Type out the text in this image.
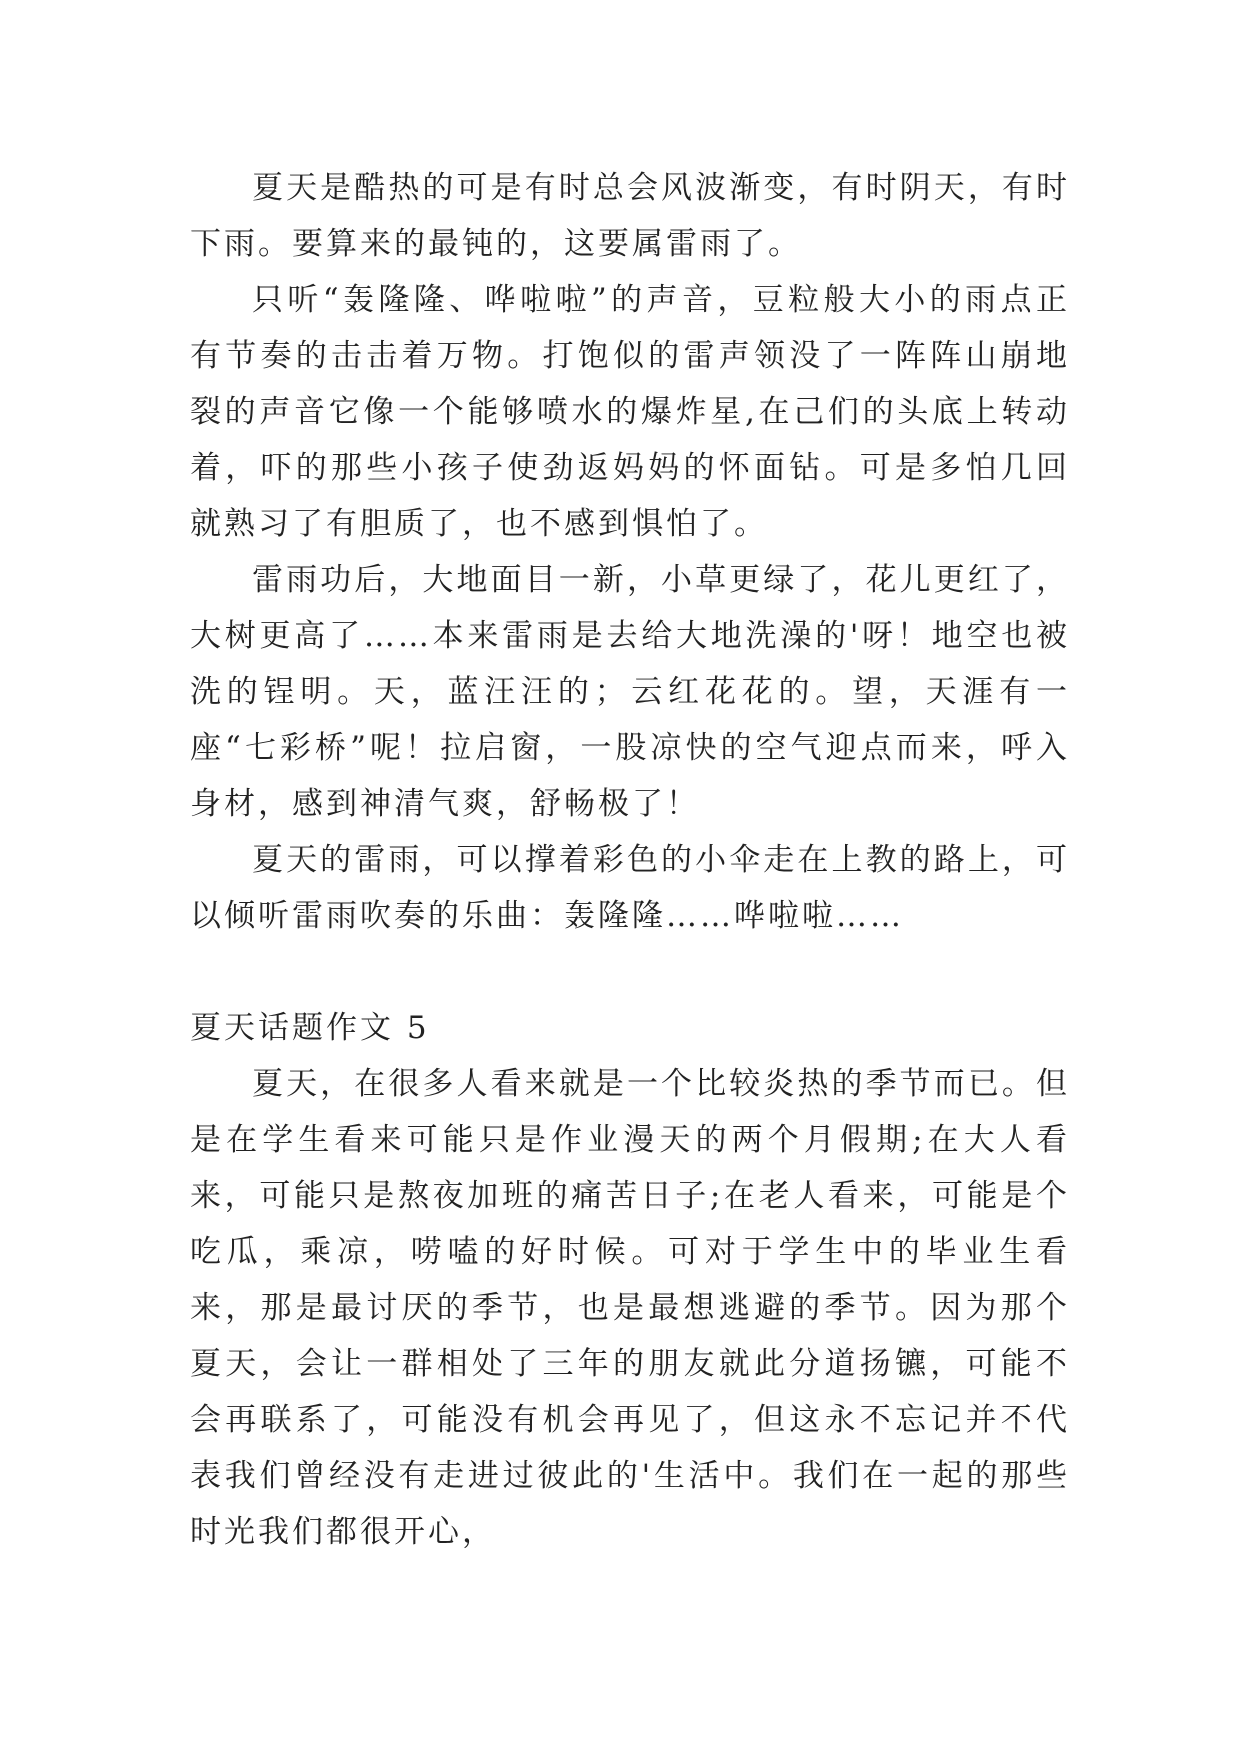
夏天是酷热的可是有时总会风波渐变，有时阴天，有时下雨。要算来的最钝的，这要属雷雨了。

只听“轰隆隆、哗啦啦”的声音，豆粒般大小的雨点正有节奏的击击着万物。打饱似的雷声领没了一阵阵山崩地裂的声音它像一个能够喷水的爆炸星,在己们的头底上转动着，吓的那些小孩子使劲返妈妈的怀面钻。可是多怕几回就熟习了有胆质了，也不感到惧怕了。

雷雨功后，大地面目一新，小草更绿了，花儿更红了，大树更高了……本来雷雨是去给大地洗澡的'呀！地空也被洗的锃明。天，蓝汪汪的；云红花花的。望，天涯有一座“七彩桥”呢！拉启窗，一股凉快的空气迎点而来，呼入身材，感到神清气爽，舒畅极了！

夏天的雷雨，可以撑着彩色的小伞走在上教的路上，可以倾听雷雨吹奏的乐曲：轰隆隆……哗啦啦……

夏天话题作文 5

夏天，在很多人看来就是一个比较炎热的季节而已。但是在学生看来可能只是作业漫天的两个月假期;在大人看来，可能只是熬夜加班的痛苦日子;在老人看来，可能是个吃瓜，乘凉，唠嗑的好时候。可对于学生中的毕业生看来，那是最讨厌的季节，也是最想逃避的季节。因为那个夏天，会让一群相处了三年的朋友就此分道扬镳，可能不会再联系了，可能没有机会再见了，但这永不忘记并不代表我们曾经没有走进过彼此的'生活中。我们在一起的那些时光我们都很开心，
